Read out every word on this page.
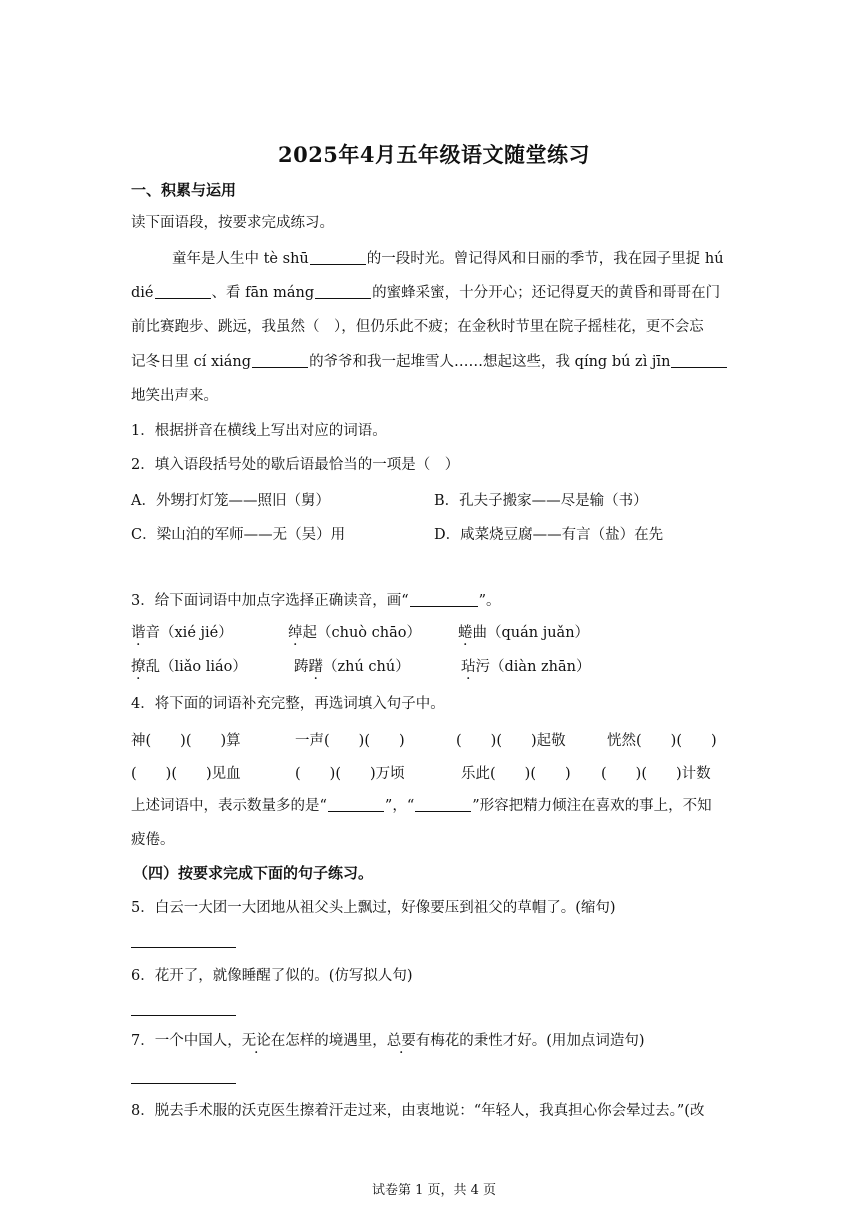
2025年4月五年级语文随堂练习
一、积累与运用
读下面语段，按要求完成练习。
童年是人生中 tè shū	的一段时光。曾记得风和日丽的季节，我在园子里捉 hú
dié	、看 fān máng	的蜜蜂采蜜，十分开心；还记得夏天的黄昏和哥哥在门
前比赛跑步、跳远，我虽然（　），但仍乐此不疲；在金秋时节里在院子摇桂花，更不会忘
记冬日里 cí xiáng	的爷爷和我一起堆雪人……想起这些，我 qíng bú zì jīn
地笑出声来。
1．根据拼音在横线上写出对应的词语。
2．填入语段括号处的歇后语最恰当的一项是（　）
A．外甥打灯笼——照旧（舅）	B．孔夫子搬家——尽是输（书）
C．梁山泊的军师——无（吴）用	D．咸菜烧豆腐——有言（盐）在先
3．给下面词语中加点字选择正确读音，画“	”。
谐音（xié jié）	绰起（chuò chāo）	蜷曲（quán juǎn）
撩乱（liǎo liáo）	踌躇（zhú chú）	玷污（diàn zhān）
4．将下面的词语补充完整，再选词填入句子中。
神(　　)(　　)算	一声(　　)(　　)	(　　)(　　)起敬	恍然(　　)(　　)
(　　)(　　)见血	(　　)(　　)万顷	乐此(　　)(　　) (　　)(　　)计数
上述词语中，表示数量多的是“	”，“	”形容把精力倾注在喜欢的事上，不知
疲倦。
（四）按要求完成下面的句子练习。
5．白云一大团一大团地从祖父头上飘过，好像要压到祖父的草帽了。(缩句)
6．花开了，就像睡醒了似的。(仿写拟人句)
7．一个中国人，无论在怎样的境遇里，总要有梅花的秉性才好。(用加点词造句)
8．脱去手术服的沃克医生擦着汗走过来，由衷地说：“年轻人，我真担心你会晕过去。”(改
试卷第 1 页，共 4 页
